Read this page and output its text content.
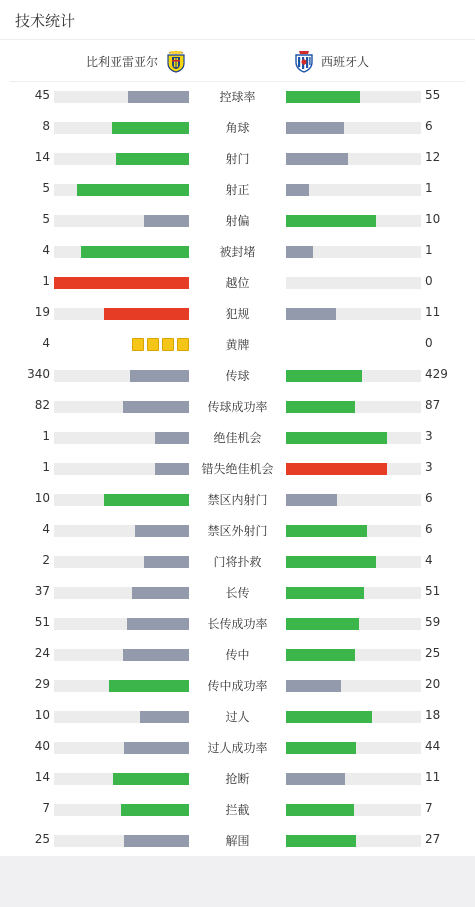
技术统计
比利亚雷亚尔	西班牙人
45	控球率	55
8	角球	6
14	射门	12
5	射正	1
5	射偏	10
4	被封堵	1
1	越位	0
19	犯规	11
4	黄牌	0
340	传球	429
82	传球成功率	87
1	绝佳机会	3
1	错失绝佳机会	3
10	禁区内射门	6
4	禁区外射门	6
2	门将扑救	4
37	长传	51
51	长传成功率	59
24	传中	25
29	传中成功率	20
10	过人	18
40	过人成功率	44
14	抢断	11
7	拦截	7
25	解围	27
